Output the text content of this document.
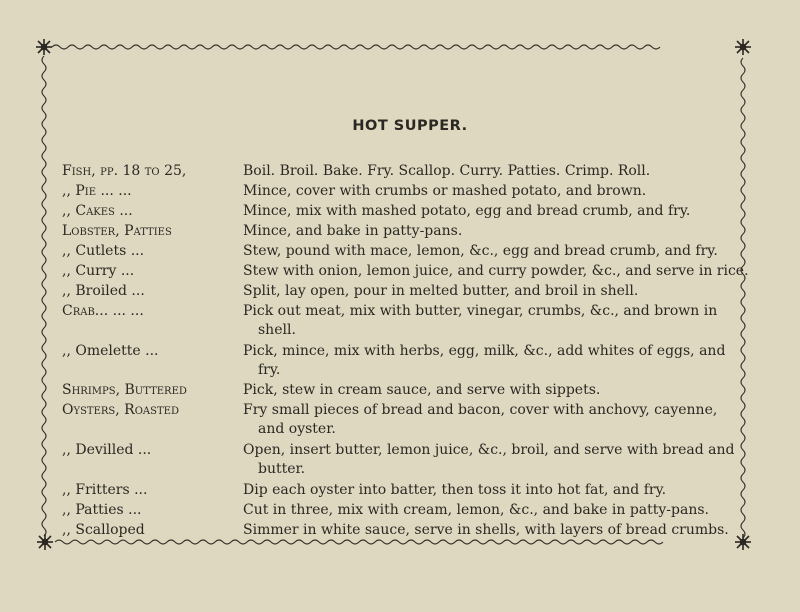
HOT SUPPER.
Fish, pp. 18 to 25,	Boil. Broil. Bake. Fry. Scallop. Curry. Patties. Crimp. Roll.
,, Pie ... ...	Mince, cover with crumbs or mashed potato, and brown.
,, Cakes ...	Mince, mix with mashed potato, egg and bread crumb, and fry.
Lobster, Patties	Mince, and bake in patty-pans.
,, Cutlets ...	Stew, pound with mace, lemon, &c., egg and bread crumb, and fry.
,, Curry ...	Stew with onion, lemon juice, and curry powder, &c., and serve in rice.
,, Broiled ...	Split, lay open, pour in melted butter, and broil in shell.
Crab... ... ...	Pick out meat, mix with butter, vinegar, crumbs, &c., and brown in
shell.
,, Omelette ...	Pick, mince, mix with herbs, egg, milk, &c., add whites of eggs, and
fry.
Shrimps, Buttered	Pick, stew in cream sauce, and serve with sippets.
Oysters, Roasted	Fry small pieces of bread and bacon, cover with anchovy, cayenne,
and oyster.
,, Devilled ...	Open, insert butter, lemon juice, &c., broil, and serve with bread and
butter.
,, Fritters ...	Dip each oyster into batter, then toss it into hot fat, and fry.
,, Patties ...	Cut in three, mix with cream, lemon, &c., and bake in patty-pans.
,, Scalloped	Simmer in white sauce, serve in shells, with layers of bread crumbs.
